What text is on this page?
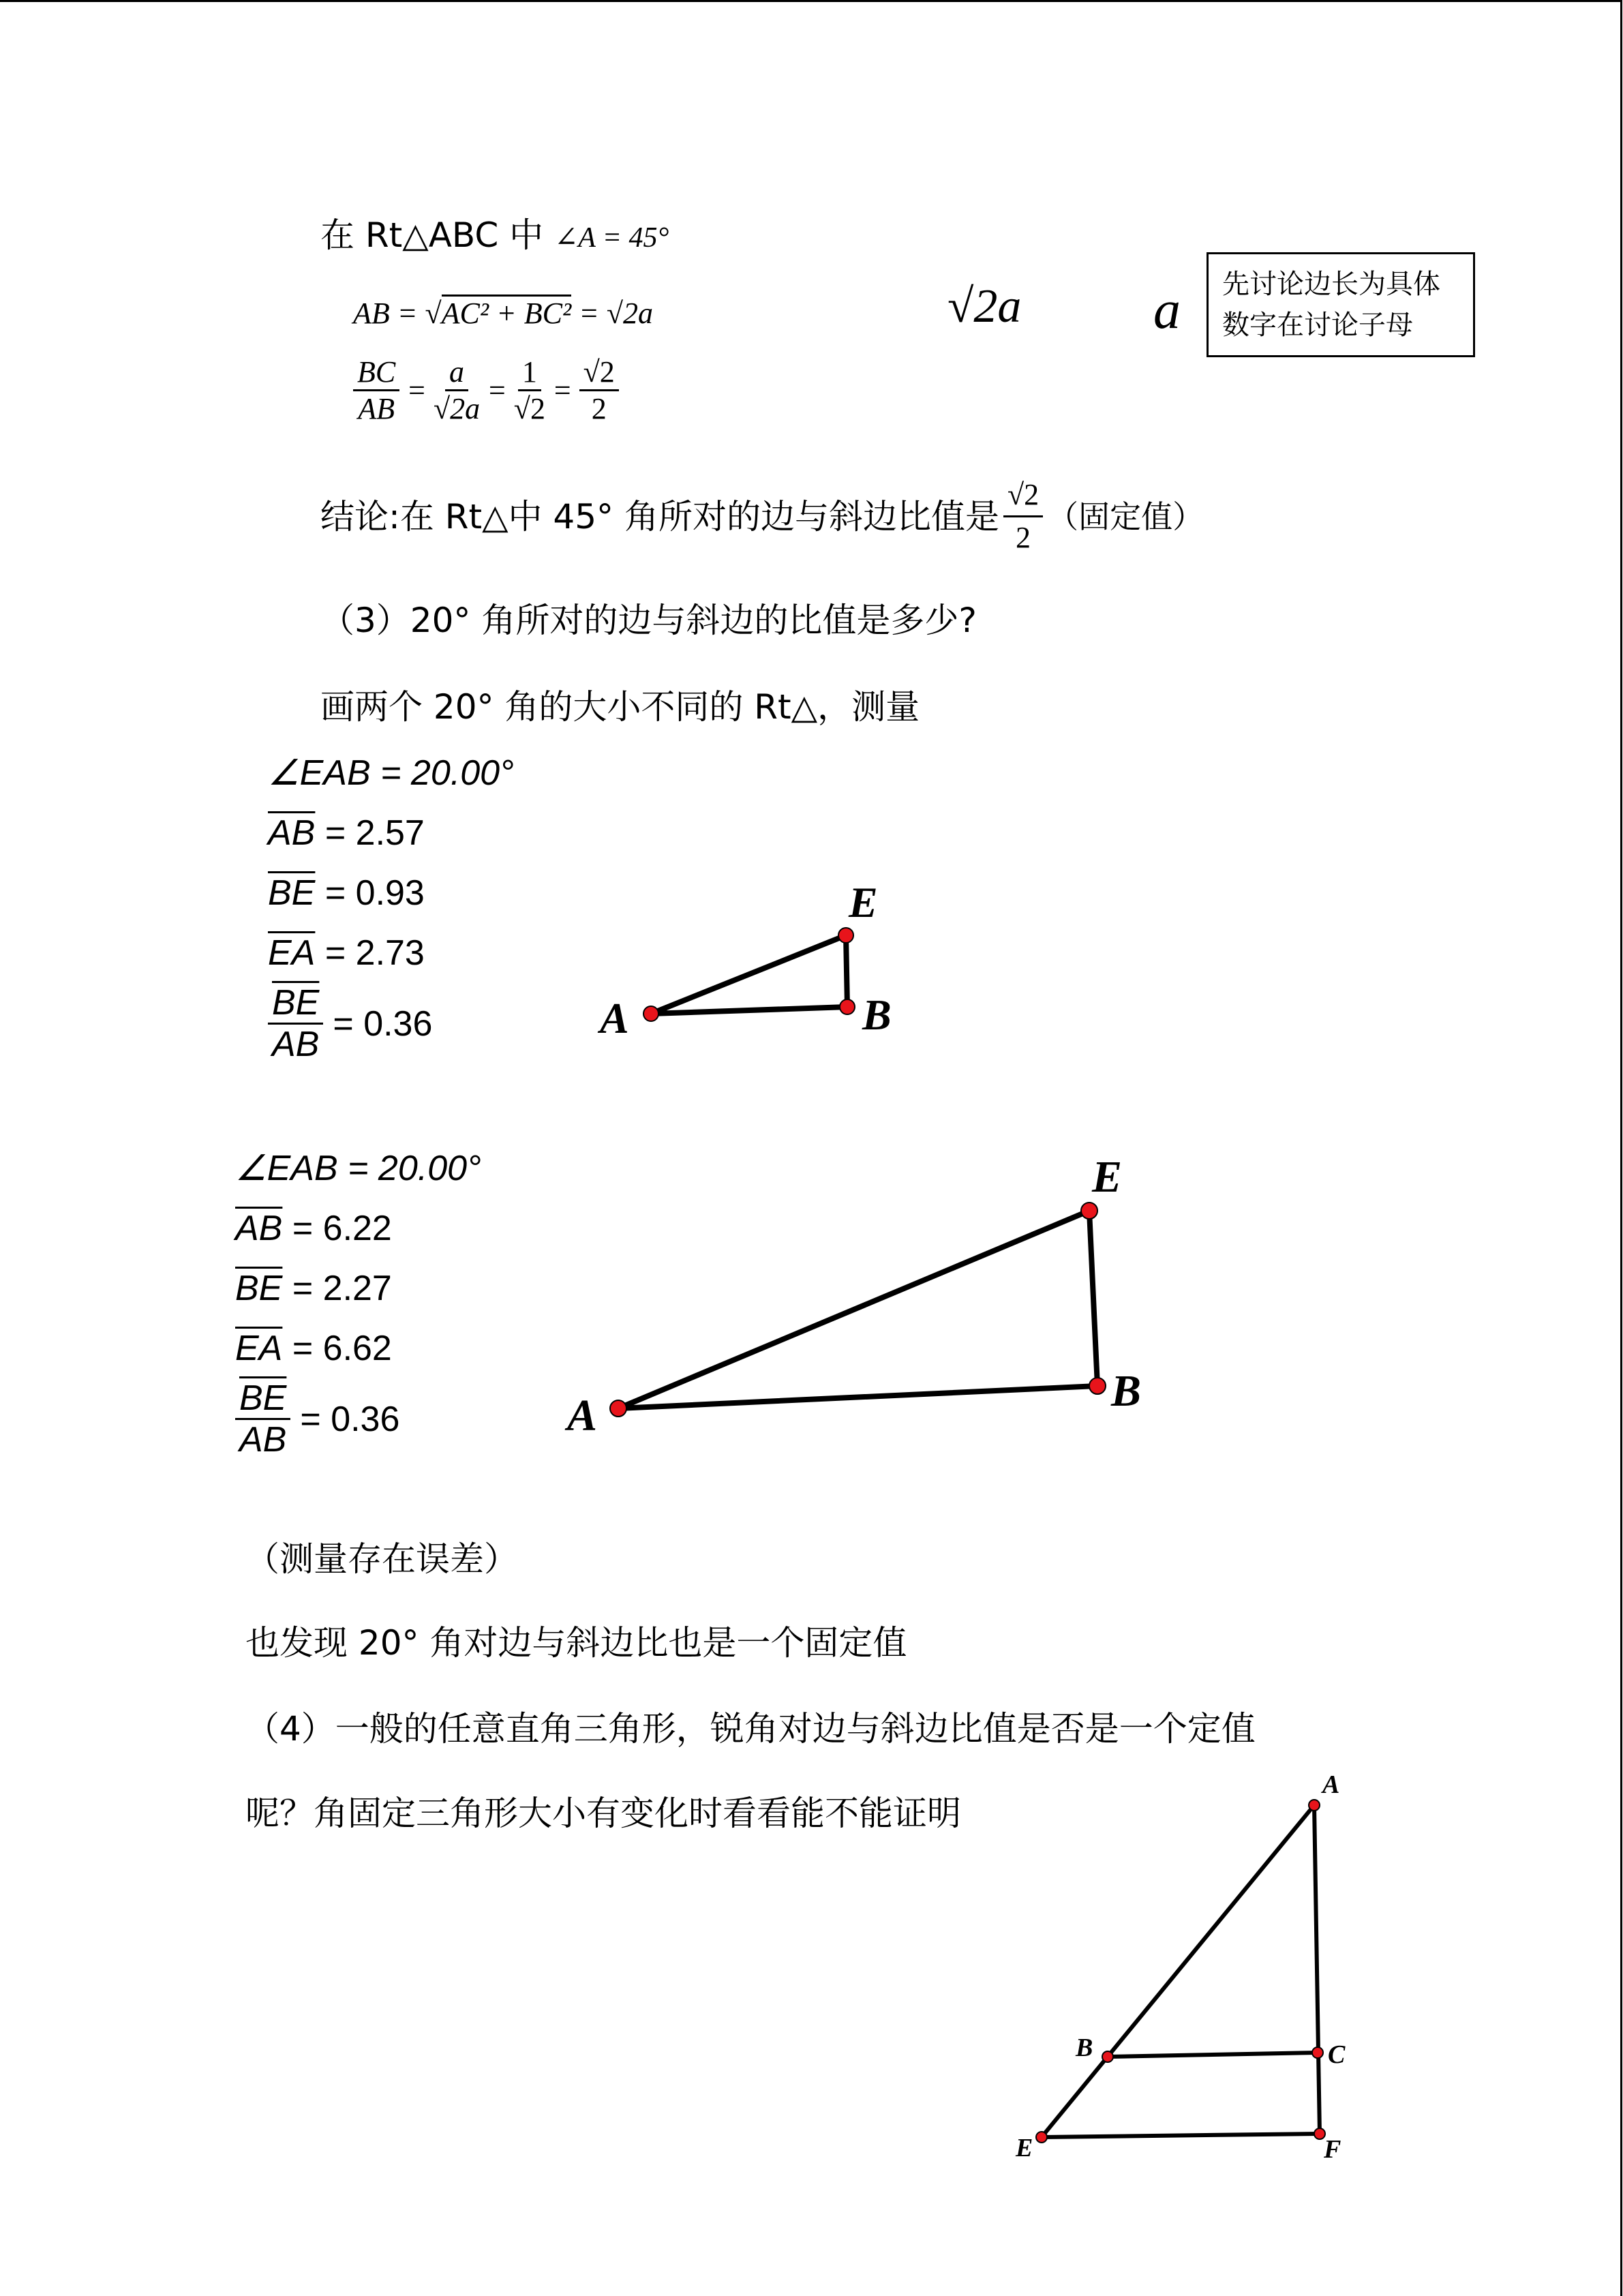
在 Rt△ABC 中 ∠A = 45°
AB = √AC² + BC² = √2a
$\frac{BC}{AB} = \frac{a}{√2a} = \frac{1}{√2} = \frac{√2}{2}$
√2a a 先讨论边长为具体
数字在讨论子母
结论:在 Rt△中 45° 角所对的边与斜边比值是 $\frac{√2}{2}$ （固定值）
（3）20° 角所对的边与斜边的比值是多少?
画两个 20° 角的大小不同的 Rt△，测量
∠EAB = 20.00°
$\overline{AB} = 2.57$
$\overline{BE} = 0.93$
$\overline{EA} = 2.73$
$\frac{\overline{BE}}{AB} = 0.36$
∠EAB = 20.00°
$\overline{AB} = 6.22$
$\overline{BE} = 2.27$
$\overline{EA} = 6.62$
$\frac{\overline{BE}}{AB} = 0.36$
A	B
E
A	B
E
A
B	C
E	F
（测量存在误差）
也发现 20° 角对边与斜边比也是一个固定值
（4）一般的任意直角三角形，锐角对边与斜边比值是否是一个定值
呢？角固定三角形大小有变化时看看能不能证明
